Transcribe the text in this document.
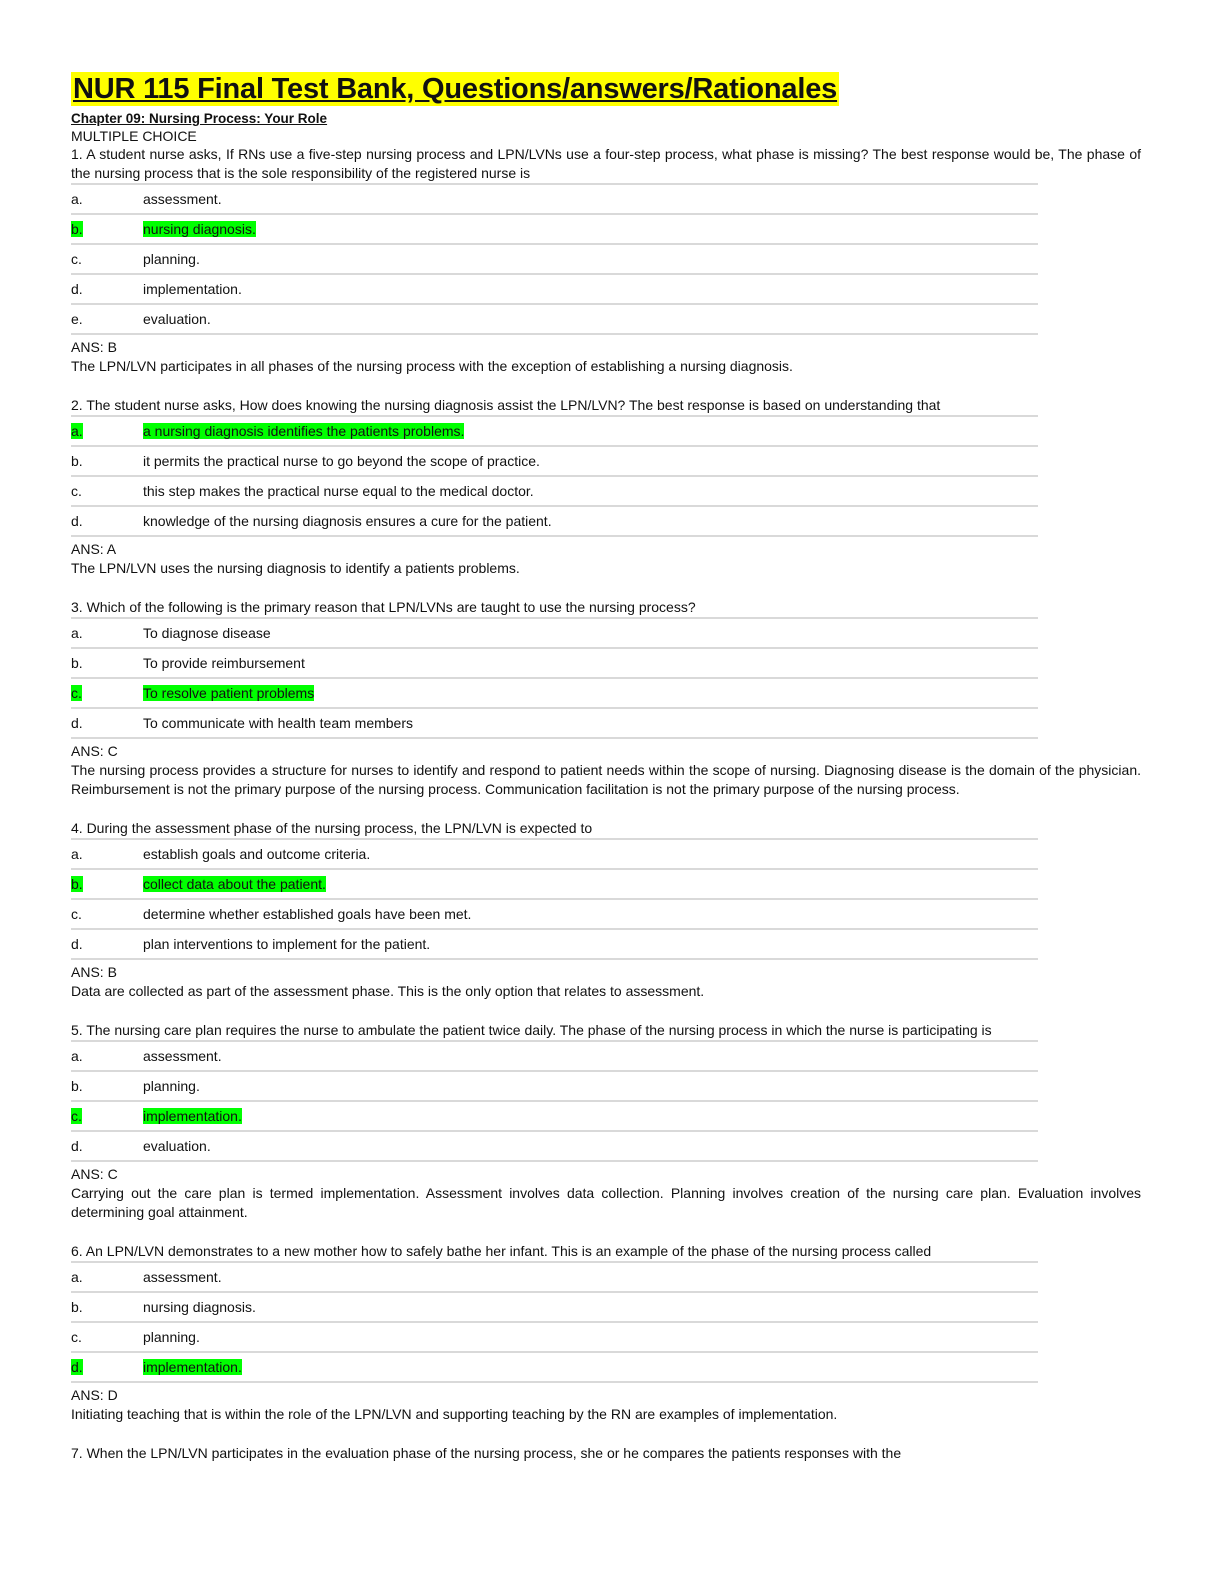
NUR 115 Final Test Bank, Questions/answers/Rationales
Chapter 09: Nursing Process: Your Role
MULTIPLE CHOICE
1. A student nurse asks, If RNs use a five-step nursing process and LPN/LVNs use a four-step process, what phase is missing? The best response would be, The phase of the nursing process that is the sole responsibility of the registered nurse is
a.	assessment.
b.	nursing diagnosis.
c.	planning.
d.	implementation.
e.	evaluation.
ANS: B
The LPN/LVN participates in all phases of the nursing process with the exception of establishing a nursing diagnosis.
2. The student nurse asks, How does knowing the nursing diagnosis assist the LPN/LVN? The best response is based on understanding that
a.	a nursing diagnosis identifies the patients problems.
b.	it permits the practical nurse to go beyond the scope of practice.
c.	this step makes the practical nurse equal to the medical doctor.
d.	knowledge of the nursing diagnosis ensures a cure for the patient.
ANS: A
The LPN/LVN uses the nursing diagnosis to identify a patients problems.
3. Which of the following is the primary reason that LPN/LVNs are taught to use the nursing process?
a.	To diagnose disease
b.	To provide reimbursement
c.	To resolve patient problems
d.	To communicate with health team members
ANS: C
The nursing process provides a structure for nurses to identify and respond to patient needs within the scope of nursing. Diagnosing disease is the domain of the physician. Reimbursement is not the primary purpose of the nursing process. Communication facilitation is not the primary purpose of the nursing process.
4. During the assessment phase of the nursing process, the LPN/LVN is expected to
a.	establish goals and outcome criteria.
b.	collect data about the patient.
c.	determine whether established goals have been met.
d.	plan interventions to implement for the patient.
ANS: B
Data are collected as part of the assessment phase. This is the only option that relates to assessment.
5. The nursing care plan requires the nurse to ambulate the patient twice daily. The phase of the nursing process in which the nurse is participating is
a.	assessment.
b.	planning.
c.	implementation.
d.	evaluation.
ANS: C
Carrying out the care plan is termed implementation. Assessment involves data collection. Planning involves creation of the nursing care plan. Evaluation involves determining goal attainment.
6. An LPN/LVN demonstrates to a new mother how to safely bathe her infant. This is an example of the phase of the nursing process called
a.	assessment.
b.	nursing diagnosis.
c.	planning.
d.	implementation.
ANS: D
Initiating teaching that is within the role of the LPN/LVN and supporting teaching by the RN are examples of implementation.
7. When the LPN/LVN participates in the evaluation phase of the nursing process, she or he compares the patients responses with the
